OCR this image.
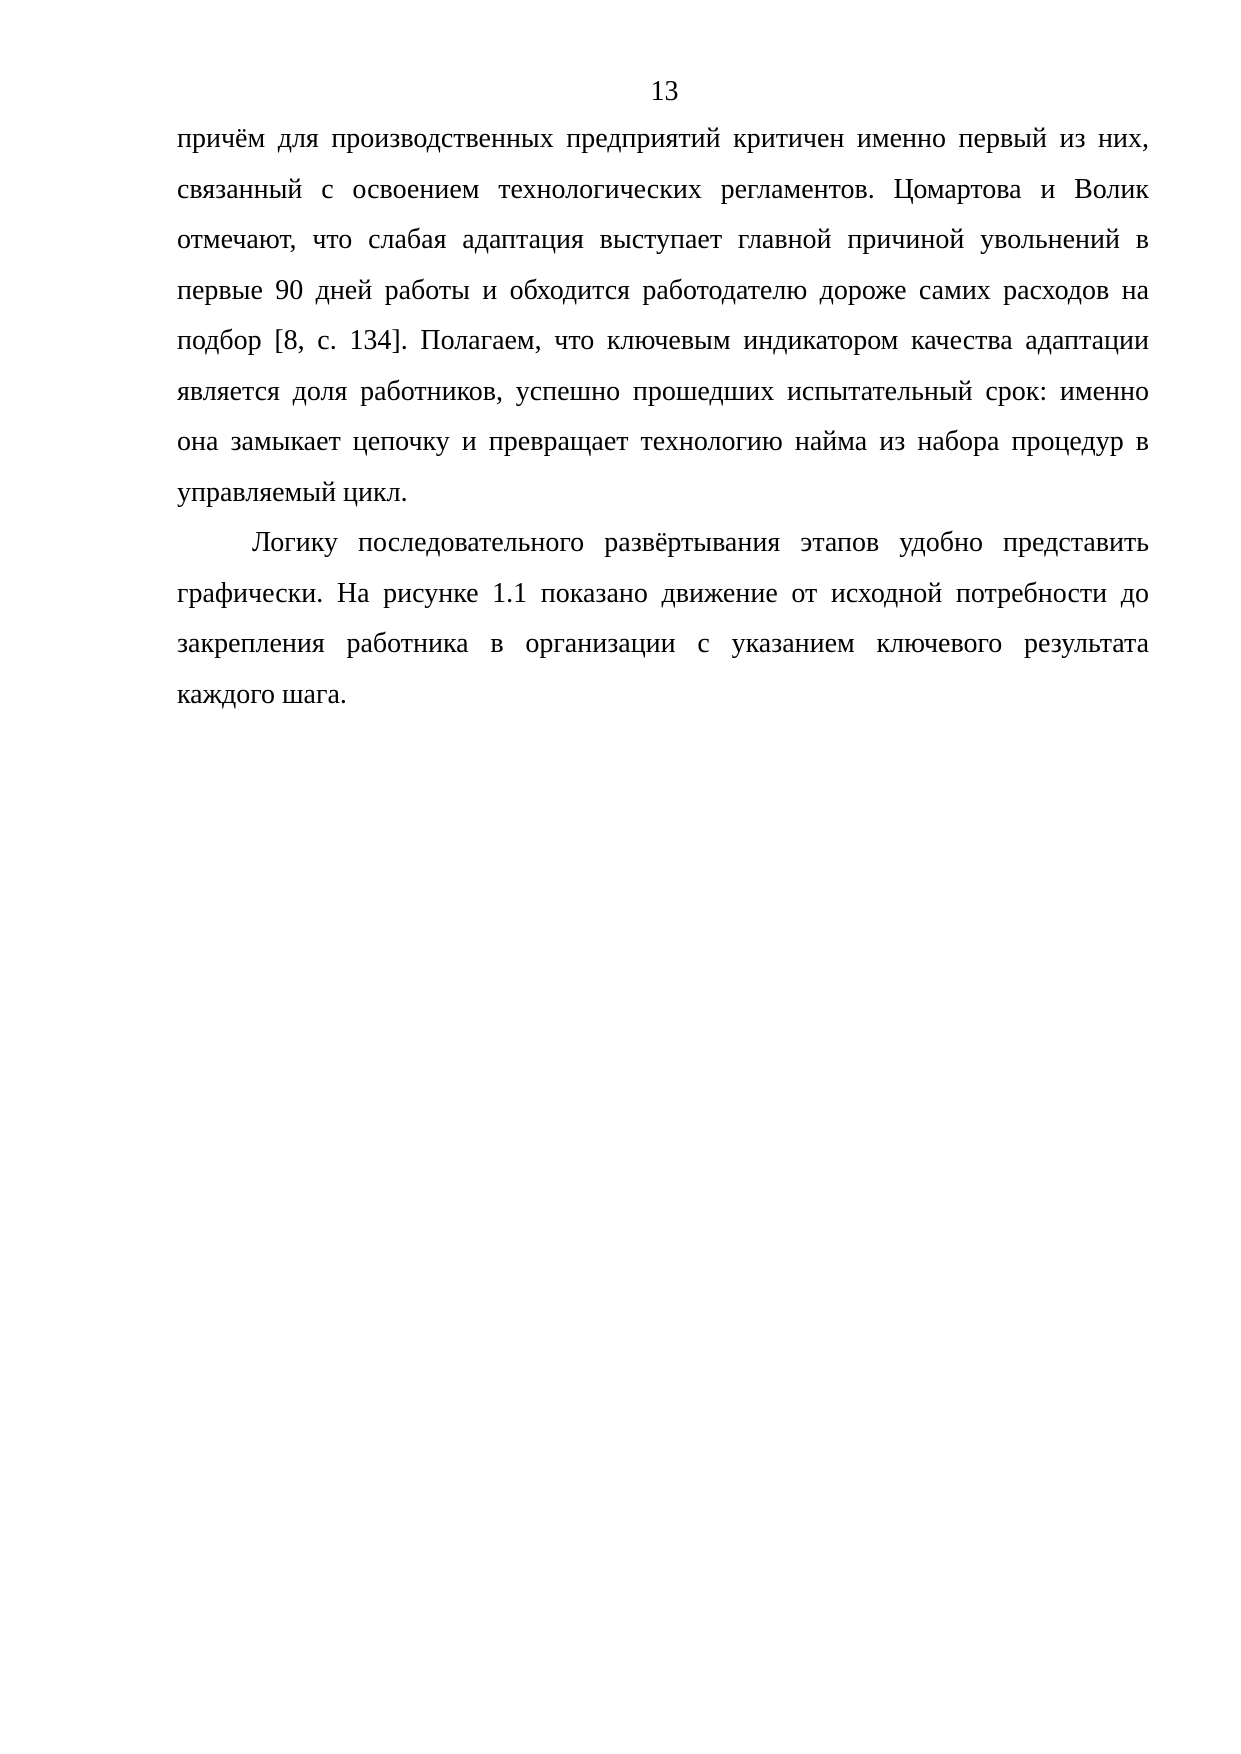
13

причём для производственных предприятий критичен именно первый из них, связанный с освоением технологических регламентов. Цомартова и Волик отмечают, что слабая адаптация выступает главной причиной увольнений в первые 90 дней работы и обходится работодателю дороже самих расходов на подбор [8, с. 134]. Полагаем, что ключевым индикатором качества адаптации является доля работников, успешно прошедших испытательный срок: именно она замыкает цепочку и превращает технологию найма из набора процедур в управляемый цикл.

Логику последовательного развёртывания этапов удобно представить графически. На рисунке 1.1 показано движение от исходной потребности до закрепления работника в организации с указанием ключевого результата каждого шага.
